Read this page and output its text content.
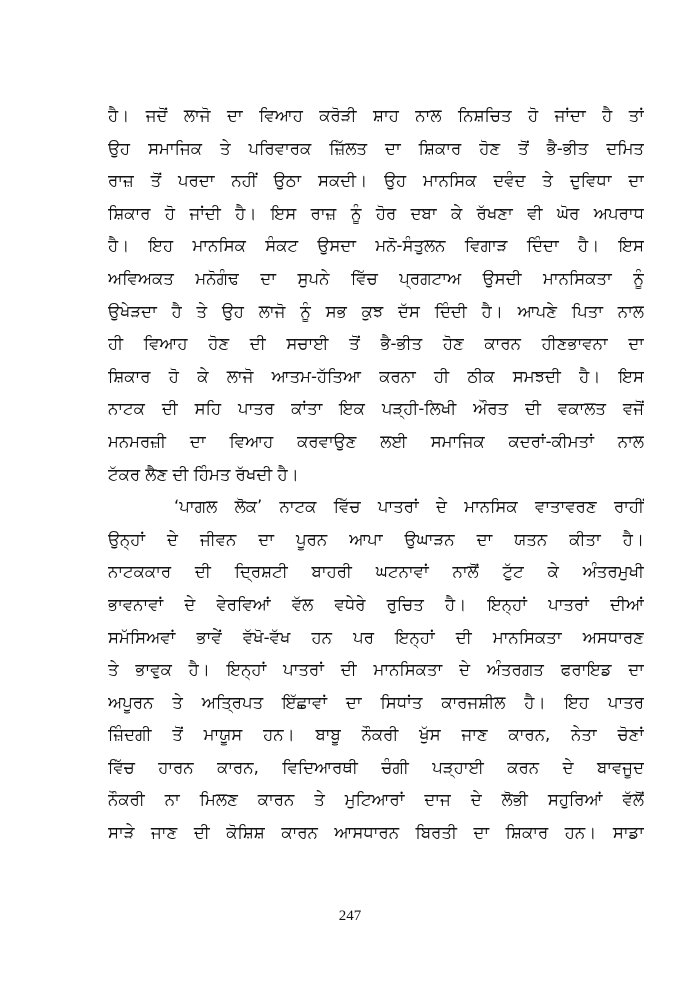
ਹੈ। ਜਦੋਂ ਲਾਜੋ ਦਾ ਵਿਆਹ ਕਰੋੜੀ ਸ਼ਾਹ ਨਾਲ ਨਿਸ਼ਚਿਤ ਹੋ ਜਾਂਦਾ ਹੈ ਤਾਂ
ਉਹ ਸਮਾਜਿਕ ਤੇ ਪਰਿਵਾਰਕ ਜ਼ਿੱਲਤ ਦਾ ਸ਼ਿਕਾਰ ਹੋਣ ਤੋਂ ਭੈ-ਭੀਤ ਦਮਿਤ
ਰਾਜ਼ ਤੋਂ ਪਰਦਾ ਨਹੀਂ ਉਠਾ ਸਕਦੀ। ਉਹ ਮਾਨਸਿਕ ਦਵੰਦ ਤੇ ਦੁਵਿਧਾ ਦਾ
ਸ਼ਿਕਾਰ ਹੋ ਜਾਂਦੀ ਹੈ। ਇਸ ਰਾਜ਼ ਨੂੰ ਹੋਰ ਦਬਾ ਕੇ ਰੱਖਣਾ ਵੀ ਘੋਰ ਅਪਰਾਧ
ਹੈ। ਇਹ ਮਾਨਸਿਕ ਸੰਕਟ ਉਸਦਾ ਮਨੋ-ਸੰਤੁਲਨ ਵਿਗਾੜ ਦਿੰਦਾ ਹੈ। ਇਸ
ਅਵਿਅਕਤ ਮਨੋਗੰਢ ਦਾ ਸੁਪਨੇ ਵਿੱਚ ਪ੍ਰਗਟਾਅ ਉਸਦੀ ਮਾਨਸਿਕਤਾ ਨੂੰ
ਉਖੇੜਦਾ ਹੈ ਤੇ ਉਹ ਲਾਜੋ ਨੂੰ ਸਭ ਕੁਝ ਦੱਸ ਦਿੰਦੀ ਹੈ। ਆਪਣੇ ਪਿਤਾ ਨਾਲ
ਹੀ ਵਿਆਹ ਹੋਣ ਦੀ ਸਚਾਈ ਤੋਂ ਭੈ-ਭੀਤ ਹੋਣ ਕਾਰਨ ਹੀਣਭਾਵਨਾ ਦਾ
ਸ਼ਿਕਾਰ ਹੋ ਕੇ ਲਾਜੋ ਆਤਮ-ਹੱਤਿਆ ਕਰਨਾ ਹੀ ਠੀਕ ਸਮਝਦੀ ਹੈ। ਇਸ
ਨਾਟਕ ਦੀ ਸਹਿ ਪਾਤਰ ਕਾਂਤਾ ਇਕ ਪੜ੍ਹੀ-ਲਿਖੀ ਔਰਤ ਦੀ ਵਕਾਲਤ ਵਜੋਂ
ਮਨਮਰਜ਼ੀ ਦਾ ਵਿਆਹ ਕਰਵਾਉਣ ਲਈ ਸਮਾਜਿਕ ਕਦਰਾਂ-ਕੀਮਤਾਂ ਨਾਲ
ਟੱਕਰ ਲੈਣ ਦੀ ਹਿੰਮਤ ਰੱਖਦੀ ਹੈ।
‘ਪਾਗਲ ਲੋਕ’ ਨਾਟਕ ਵਿੱਚ ਪਾਤਰਾਂ ਦੇ ਮਾਨਸਿਕ ਵਾਤਾਵਰਣ ਰਾਹੀਂ
ਉਨ੍ਹਾਂ ਦੇ ਜੀਵਨ ਦਾ ਪੂਰਨ ਆਪਾ ਉਘਾੜਨ ਦਾ ਯਤਨ ਕੀਤਾ ਹੈ।
ਨਾਟਕਕਾਰ ਦੀ ਦ੍ਰਿਸ਼ਟੀ ਬਾਹਰੀ ਘਟਨਾਵਾਂ ਨਾਲੋਂ ਟੁੱਟ ਕੇ ਅੰਤਰਮੁਖੀ
ਭਾਵਨਾਵਾਂ ਦੇ ਵੇਰਵਿਆਂ ਵੱਲ ਵਧੇਰੇ ਰੁਚਿਤ ਹੈ। ਇਨ੍ਹਾਂ ਪਾਤਰਾਂ ਦੀਆਂ
ਸਮੱਸਿਅਵਾਂ ਭਾਵੇਂ ਵੱਖੋ-ਵੱਖ ਹਨ ਪਰ ਇਨ੍ਹਾਂ ਦੀ ਮਾਨਸਿਕਤਾ ਅਸਧਾਰਣ
ਤੇ ਭਾਵੁਕ ਹੈ। ਇਨ੍ਹਾਂ ਪਾਤਰਾਂ ਦੀ ਮਾਨਸਿਕਤਾ ਦੇ ਅੰਤਰਗਤ ਫਰਾਇਡ ਦਾ
ਅਪੂਰਨ ਤੇ ਅਤ੍ਰਿਪਤ ਇੱਛਾਵਾਂ ਦਾ ਸਿਧਾਂਤ ਕਾਰਜਸ਼ੀਲ ਹੈ। ਇਹ ਪਾਤਰ
ਜ਼ਿੰਦਗੀ ਤੋਂ ਮਾਯੂਸ ਹਨ। ਬਾਬੂ ਨੌਕਰੀ ਖੁੱਸ ਜਾਣ ਕਾਰਨ, ਨੇਤਾ ਚੋਣਾਂ
ਵਿੱਚ ਹਾਰਨ ਕਾਰਨ, ਵਿਦਿਆਰਥੀ ਚੰਗੀ ਪੜ੍ਹਾਈ ਕਰਨ ਦੇ ਬਾਵਜੂਦ
ਨੌਕਰੀ ਨਾ ਮਿਲਣ ਕਾਰਨ ਤੇ ਮੁਟਿਆਰਾਂ ਦਾਜ ਦੇ ਲੋਭੀ ਸਹੁਰਿਆਂ ਵੱਲੋਂ
ਸਾੜੇ ਜਾਣ ਦੀ ਕੋਸ਼ਿਸ਼ ਕਾਰਨ ਆਸਧਾਰਨ ਬਿਰਤੀ ਦਾ ਸ਼ਿਕਾਰ ਹਨ। ਸਾਡਾ
247
